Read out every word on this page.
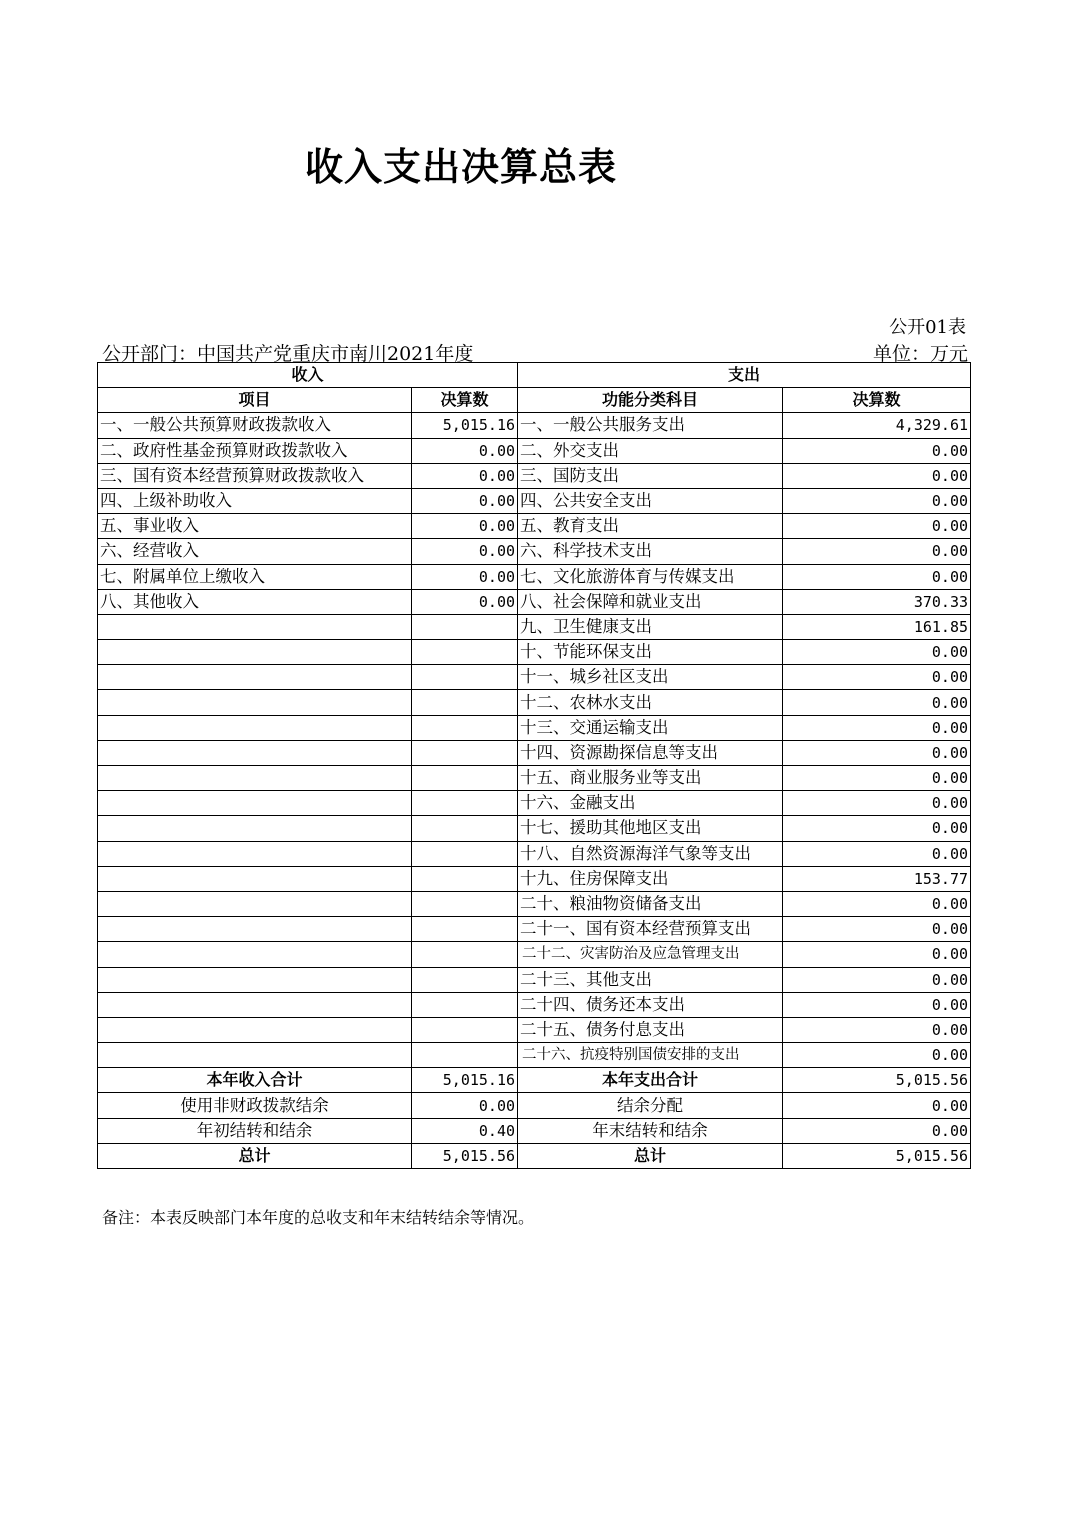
收入支出决算总表
公开01表
公开部门：中国共产党重庆市南川2021年度	单位：万元
收入		支出	
项目	决算数	功能分类科目	决算数
一、一般公共预算财政拨款收入	5,015.16	一、一般公共服务支出	4,329.61
二、政府性基金预算财政拨款收入	0.00	二、外交支出	0.00
三、国有资本经营预算财政拨款收入	0.00	三、国防支出	0.00
四、上级补助收入	0.00	四、公共安全支出	0.00
五、事业收入	0.00	五、教育支出	0.00
六、经营收入	0.00	六、科学技术支出	0.00
七、附属单位上缴收入	0.00	七、文化旅游体育与传媒支出	0.00
八、其他收入	0.00	八、社会保障和就业支出	370.33
		九、卫生健康支出	161.85
		十、节能环保支出	0.00
		十一、城乡社区支出	0.00
		十二、农林水支出	0.00
		十三、交通运输支出	0.00
		十四、资源勘探信息等支出	0.00
		十五、商业服务业等支出	0.00
		十六、金融支出	0.00
		十七、援助其他地区支出	0.00
		十八、自然资源海洋气象等支出	0.00
		十九、住房保障支出	153.77
		二十、粮油物资储备支出	0.00
		二十一、国有资本经营预算支出	0.00
		二十二、灾害防治及应急管理支出	0.00
		二十三、其他支出	0.00
		二十四、债务还本支出	0.00
		二十五、债务付息支出	0.00
		二十六、抗疫特别国债安排的支出	0.00
本年收入合计	5,015.16	本年支出合计	5,015.56
使用非财政拨款结余	0.00	结余分配	0.00
年初结转和结余	0.40	年末结转和结余	0.00
总计	5,015.56	总计	5,015.56
备注：本表反映部门本年度的总收支和年末结转结余等情况。
